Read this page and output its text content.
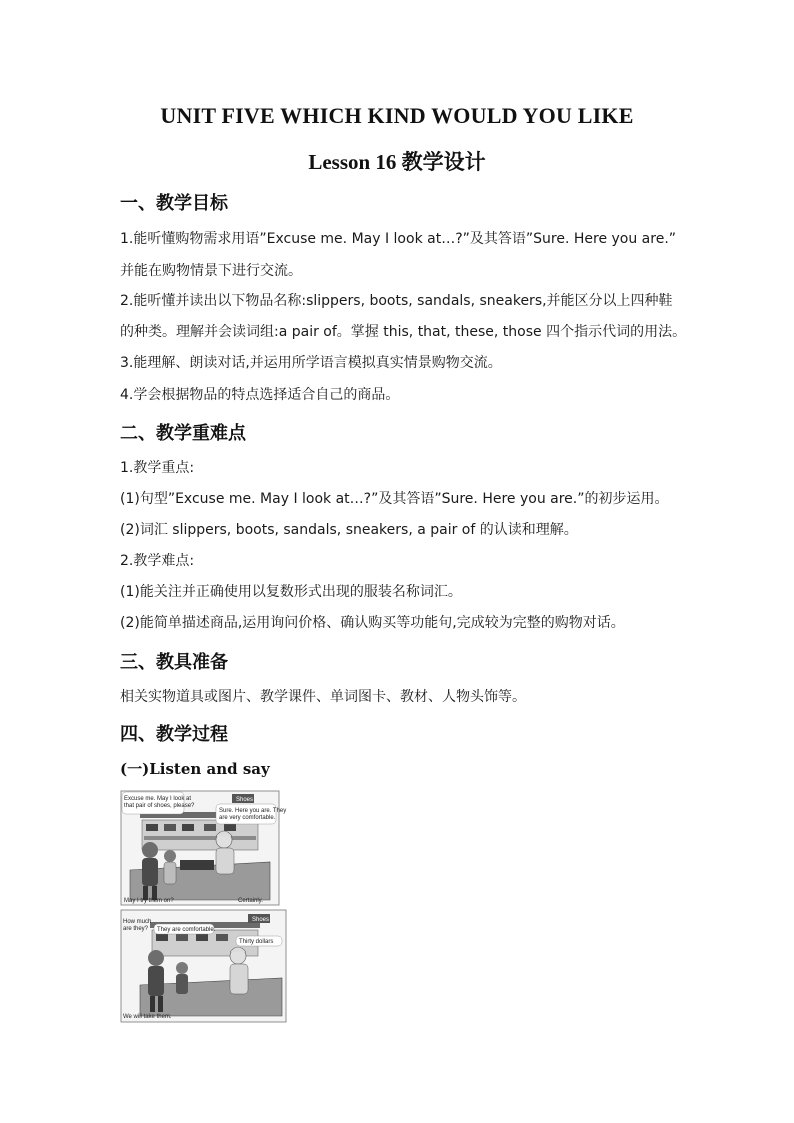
UNIT FIVE WHICH KIND WOULD YOU LIKE
Lesson 16 教学设计
一、教学目标
1.能听懂购物需求用语”Excuse me. May I look at…?”及其答语”Sure. Here you are.”
并能在购物情景下进行交流。
2.能听懂并读出以下物品名称:slippers, boots, sandals, sneakers,并能区分以上四种鞋
的种类。理解并会读词组:a pair of。掌握 this, that, these, those 四个指示代词的用法。
3.能理解、朗读对话,并运用所学语言模拟真实情景购物交流。
4.学会根据物品的特点选择适合自己的商品。
二、教学重难点
1.教学重点:
(1)句型”Excuse me. May I look at…?”及其答语”Sure. Here you are.”的初步运用。
(2)词汇 slippers, boots, sandals, sneakers, a pair of 的认读和理解。
2.教学难点:
(1)能关注并正确使用以复数形式出现的服装名称词汇。
(2)能简单描述商品,运用询问价格、确认购买等功能句,完成较为完整的购物对话。
三、教具准备
相关实物道具或图片、教学课件、单词图卡、教材、人物头饰等。
四、教学过程
(一)Listen and say
Shoes
Excuse me. May I look at
that pair of shoes, please?
Sure. Here you are. They
are very comfortable.
May I try them on?	Certainly.
Shoes
How much
are they? They are comfortable.
Thirty dollars
We will take them.
